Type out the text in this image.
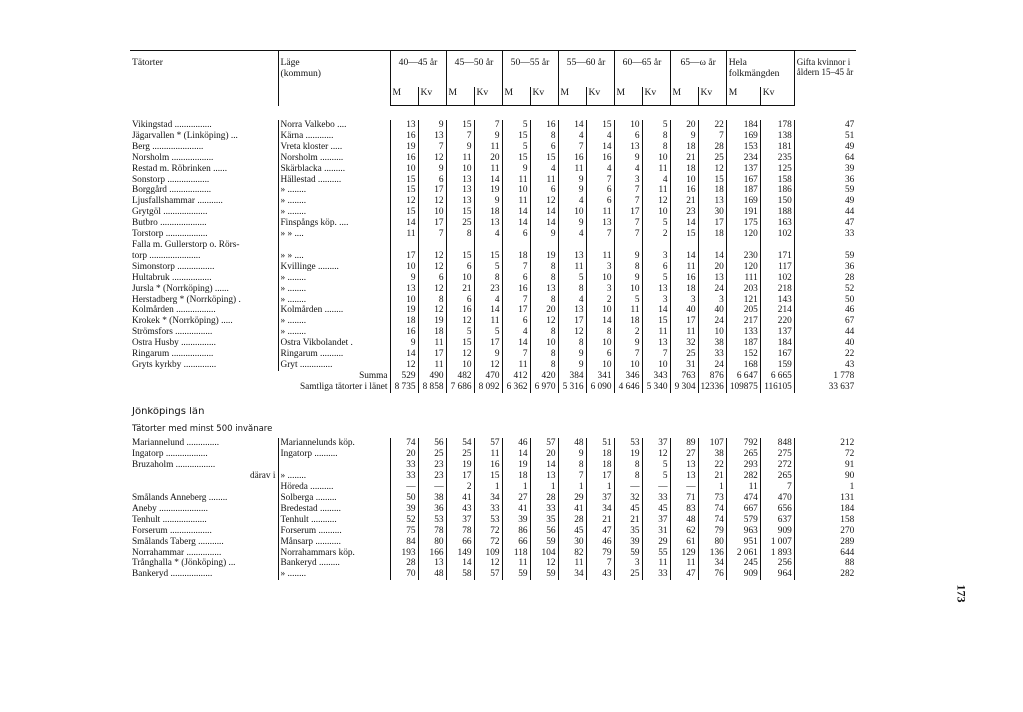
Tätorter	Läge
(kommun)	40—45 år		45—50 år		50—55 år		55—60 år		60—65 år		65—ω år		Hela folkmängden		Gifta kvinnor i åldern 15–45 år
		M	Kv	M	Kv	M	Kv	M	Kv	M	Kv	M	Kv	M	Kv	

Vikingstad ................	Norra Valkebo ....	13	9	15	7	5	16	14	15	10	5	20	22	184	178	47
Jägarvallen * (Linköping) ...	Kärna ............	16	13	7	9	15	8	4	4	6	8	9	7	169	138	51
Berg ......................	Vreta kloster .....	19	7	9	11	5	6	7	14	13	8	18	28	153	181	49
Norsholm ..................	Norsholm ..........	16	12	11	20	15	15	16	16	9	10	21	25	234	235	64
Restad m. Röbrinken ......	Skärblacka .........	10	9	10	11	9	4	11	4	4	11	18	12	137	125	39
Sonstorp ..................	Hällestad ..........	15	6	13	14	11	11	9	7	3	4	10	15	167	158	36
Borggård ..................	» ........	15	17	13	19	10	6	9	6	7	11	16	18	187	186	59
Ljusfallshammar ...........	» ........	12	12	13	9	11	12	4	6	7	12	21	13	169	150	49
Grytgöl ...................	» ........	15	10	15	18	14	14	10	11	17	10	23	30	191	188	44
Butbro ....................	Finspångs köp. ....	14	17	25	13	14	14	9	13	7	5	14	17	175	163	47
Torstorp ..................	» » ....	11	7	8	4	6	9	4	7	7	2	15	18	120	102	33
Falla m. Gullerstorp o. Rörs-																
torp ......................	» » ....	17	12	15	15	18	19	13	11	9	3	14	14	230	171	59
Simonstorp ................	Kvillinge .........	10	12	6	5	7	8	11	3	8	6	11	20	120	117	36
Hultabruk .................	» ........	9	6	10	8	6	8	5	10	9	5	16	13	111	102	28
Jursla * (Norrköping) ......	» ........	13	12	21	23	16	13	8	3	10	13	18	24	203	218	52
Herstadberg * (Norrköping) .	» ........	10	8	6	4	7	8	4	2	5	3	3	3	121	143	50
Kolmården .................	Kolmården ........	19	12	16	14	17	20	13	10	11	14	40	40	205	214	46
Krokek * (Norrköping) .....	» ........	18	19	12	11	6	12	17	14	18	15	17	24	217	220	67
Strömsfors ................	» ........	16	18	5	5	4	8	12	8	2	11	11	10	133	137	44
Östra Husby ...............	Östra Vikbolandet .	9	11	15	17	14	10	8	10	9	13	32	38	187	184	40
Ringarum ..................	Ringarum ..........	14	17	12	9	7	8	9	6	7	7	25	33	152	167	22
Gryts kyrkby ..............	Gryt ..............	12	11	10	12	11	8	9	10	10	10	31	24	168	159	43
Summa		529	490	482	470	412	420	384	341	346	343	763	876	6 647	6 665	1 778
Samtliga tätorter i länet		8 735	8 858	7 686	8 092	6 362	6 970	5 316	6 090	4 646	5 340	9 304	12336	109875	116105	33 637

Jönköpings län																

Tätorter med minst 500 invånare																

Mariannelund ..............	Mariannelunds köp.	74	56	54	57	46	57	48	51	53	37	89	107	792	848	212
Ingatorp ..................	Ingatorp ..........	20	25	25	11	14	20	9	18	19	12	27	38	265	275	72
Bruzaholm .................		33	23	19	16	19	14	8	18	8	5	13	22	293	272	91
därav i	» ........	33	23	17	15	18	13	7	17	8	5	13	21	282	265	90
	Höreda ..........	—	—	2	1	1	1	1	1	—	—	—	1	11	7	1
Smålands Anneberg ........	Solberga .........	50	38	41	34	27	28	29	37	32	33	71	73	474	470	131
Aneby .....................	Bredestad .........	39	36	43	33	41	33	41	34	45	45	83	74	667	656	184
Tenhult ...................	Tenhult ...........	52	53	37	53	39	35	28	21	21	37	48	74	579	637	158
Forserum ..................	Forserum ..........	75	78	78	72	86	56	45	47	35	31	62	79	963	909	270
Smålands Taberg ...........	Månsarp ...........	84	80	66	72	66	59	30	46	39	29	61	80	951	1 007	289
Norrahammar ...............	Norrahammars köp.	193	166	149	109	118	104	82	79	59	55	129	136	2 061	1 893	644
Trånghalla * (Jönköping) ...	Bankeryd .........	28	13	14	12	11	12	11	7	3	11	11	34	245	256	88
Bankeryd ..................	» ........	70	48	58	57	59	59	34	43	25	33	47	76	909	964	282
173
